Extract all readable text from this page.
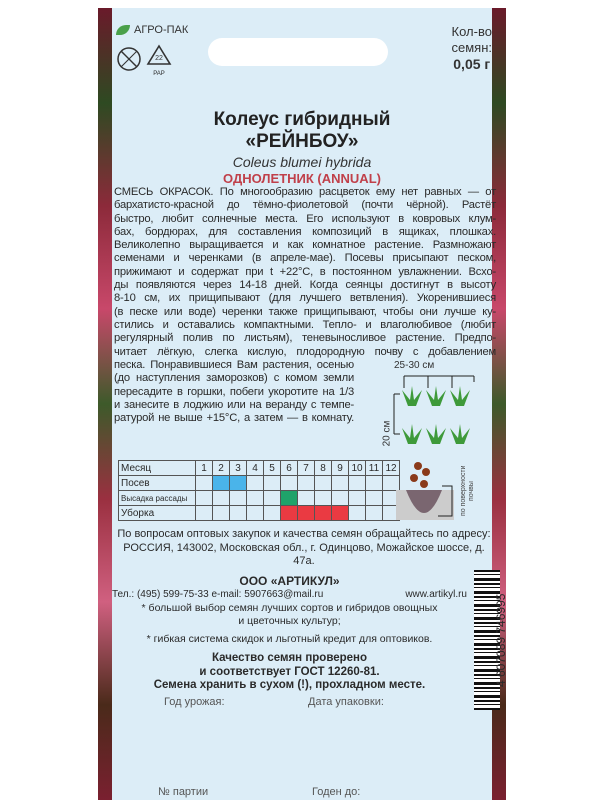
АГРО-ПАК
22
PAP
Кол-во
семян:
0,05 г
Колеус гибридный
«РЕЙНБОУ»
Coleus blumei hybrida
ОДНОЛЕТНИК (ANNUAL)
СМЕСЬ ОКРАСОК. По многообразию расцветок ему нет равных — от
бархатисто-красной до тёмно-фиолетовой (почти чёрной). Растёт
быстро, любит солнечные места. Его используют в ковровых клум-
бах, бордюрах, для составления композиций в ящиках, плошках.
Великолепно выращивается и как комнатное растение. Размножают
семенами и черенками (в апреле-мае). Посевы присыпают песком,
прижимают и содержат при t +22°С, в постоянном увлажнении. Всхо-
ды появляются через 14-18 дней. Когда сеянцы достигнут в высоту
8-10 см, их прищипывают (для лучшего ветвления). Укоренившиеся
(в песке или воде) черенки также прищипывают, чтобы они лучше ку-
стились и оставались компактными. Тепло- и влаголюбивое (любит
регулярный полив по листьям), теневыносливое растение. Предпо-
читает лёгкую, слегка кислую, плодородную почву с добавлением
песка. Понравившиеся Вам растения, осенью
(до наступления заморозков) с комом земли
пересадите в горшки, побеги укоротите на 1/3
и занесите в лоджию или на веранду с темпе-
ратурой не выше +15°С, а затем — в комнату.
25-30 см
20 см
Месяц	1	2	3	4	5	6	7	8	9	10	11	12
Посев												
Высадка рассады												
Уборка													по поверхности почвы
По вопросам оптовых закупок и качества семян обращайтесь по адресу:
РОССИЯ, 143002, Московская обл., г. Одинцово, Можайское шоссе, д. 47а.
ООО «АРТИКУЛ»
Тел.: (495) 599-75-33 e-mail: 5907663@mail.ru	www.artikyl.ru
* большой выбор семян лучших сортов и гибридов овощных
и цветочных культур;
* гибкая система скидок и льготный кредит для оптовиков.
Качество семян проверено
и соответствует ГОСТ 12260-81.
Семена хранить в сухом (!), прохладном месте.	4 607089 746995
Год урожая:	Дата упаковки:
№ партии	Годен до:
